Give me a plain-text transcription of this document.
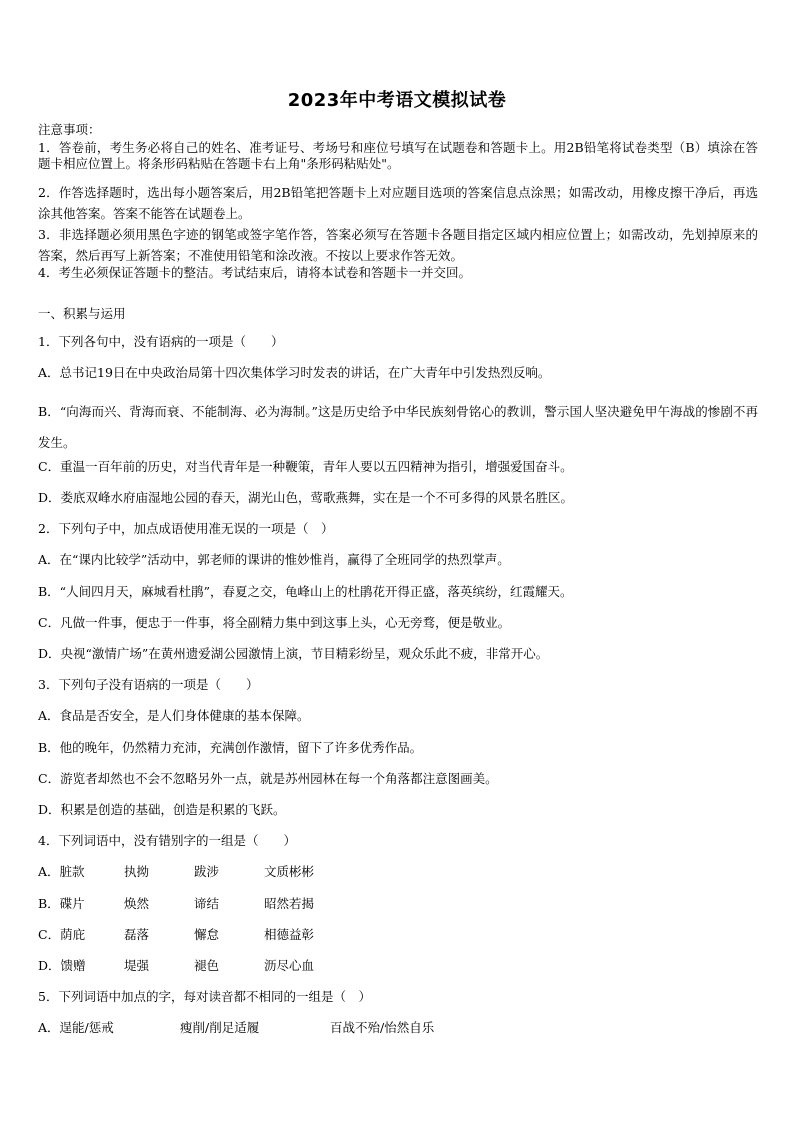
2023年中考语文模拟试卷
注意事项：
1．答卷前，考生务必将自己的姓名、准考证号、考场号和座位号填写在试题卷和答题卡上。用2B铅笔将试卷类型（B）填涂在答题卡相应位置上。将条形码粘贴在答题卡右上角"条形码粘贴处"。
2．作答选择题时，选出每小题答案后，用2B铅笔把答题卡上对应题目选项的答案信息点涂黑；如需改动，用橡皮擦干净后，再选涂其他答案。答案不能答在试题卷上。
3．非选择题必须用黑色字迹的钢笔或签字笔作答，答案必须写在答题卡各题目指定区域内相应位置上；如需改动，先划掉原来的答案，然后再写上新答案；不准使用铅笔和涂改液。不按以上要求作答无效。
4．考生必须保证答题卡的整洁。考试结束后，请将本试卷和答题卡一并交回。
一、积累与运用
1．下列各句中，没有语病的一项是（　　）
A．总书记19日在中央政治局第十四次集体学习时发表的讲话，在广大青年中引发热烈反响。
B．“向海而兴、背海而衰、不能制海、必为海制。”这是历史给予中华民族刻骨铭心的教训，警示国人坚决避免甲午海战的惨剧不再发生。
C．重温一百年前的历史，对当代青年是一种鞭策，青年人要以五四精神为指引，增强爱国奋斗。
D．娄底双峰水府庙湿地公园的春天，湖光山色，莺歌燕舞，实在是一个不可多得的风景名胜区。
2．下列句子中，加点成语使用准无误的一项是（　）
A．在“课内比较学”活动中，郭老师的课讲的惟妙惟肖，赢得了全班同学的热烈掌声。
B．“人间四月天，麻城看杜鹃”，春夏之交，龟峰山上的杜鹃花开得正盛，落英缤纷，红霞耀天。
C．凡做一件事，便忠于一件事，将全副精力集中到这事上头，心无旁骛，便是敬业。
D．央视“激情广场”在黄州遗爱湖公园激情上演，节目精彩纷呈，观众乐此不疲，非常开心。
3．下列句子没有语病的一项是（　　）
A．食品是否安全，是人们身体健康的基本保障。
B．他的晚年，仍然精力充沛，充满创作激情，留下了许多优秀作品。
C．游览者却然也不会不忽略另外一点，就是苏州园林在每一个角落都注意图画美。
D．积累是创造的基础，创造是积累的飞跃。
4．下列词语中，没有错别字的一组是（　　）
A．脏款	执拗	跋涉	文质彬彬
B．碟片	焕然	谛结	昭然若揭
C．荫庇	磊落	懈怠	相德益彰
D．馈赠	堤强	褪色	沥尽心血
5．下列词语中加点的字，每对读音都不相同的一组是（　）
A．逞能/惩戒	瘦削/削足适履	百战不殆/怡然自乐
